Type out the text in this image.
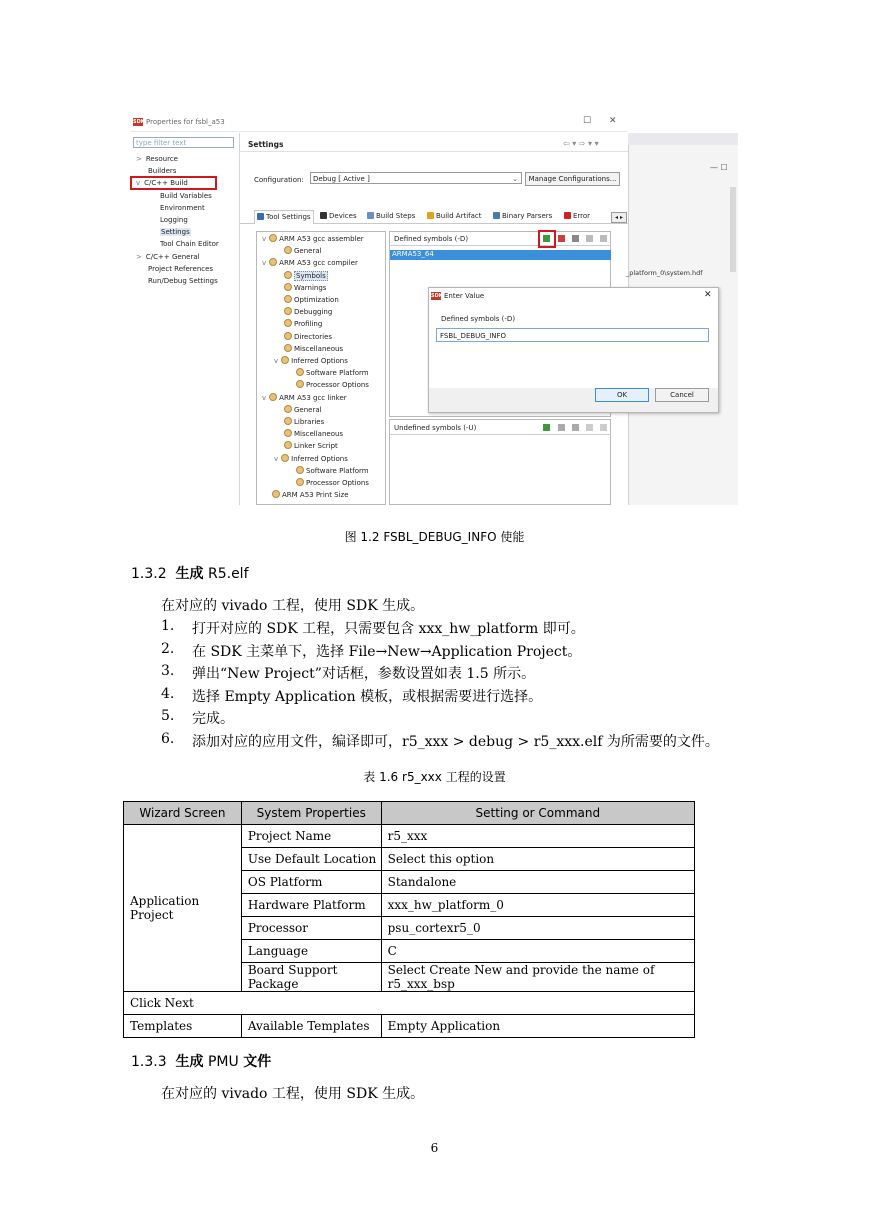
SDK Properties for fsbl_a53	☐ ✕
type filter text	Settings	⇦ ▾ ⇨ ▾ ▾
— ☐
_platform_0\system.hdf
Configuration:	Debug [ Active ]	⌄	Manage Configurations...
◂ ▸
Defined symbols (-D)
ARMA53_64
Undefined symbols (-U)
SDK Enter Value	✕
Defined symbols (-D)
FSBL_DEBUG_INFO
OK	Cancel
> Resource
Builders
v C/C++ Build
Build Variables
Environment
Logging
Settings
Tool Chain Editor
> C/C++ General
Project References
Run/Debug Settings
Tool Settings	Devices	Build Steps	Build Artifact	Binary Parsers	Error
v ARM A53 gcc assembler
General
v ARM A53 gcc compiler
Symbols
Warnings
Optimization
Debugging
Profiling
Directories
Miscellaneous
v Inferred Options
Software Platform
Processor Options
v ARM A53 gcc linker
General
Libraries
Miscellaneous
Linker Script
v Inferred Options
Software Platform
Processor Options
ARM A53 Print Size
图 1.2 FSBL_DEBUG_INFO 使能
1.3.2 生成 R5.elf
在对应的 vivado 工程，使用 SDK 生成。
1. 打开对应的 SDK 工程，只需要包含 xxx_hw_platform 即可。
2. 在 SDK 主菜单下，选择 File→New→Application Project。
3. 弹出“New Project”对话框，参数设置如表 1.5 所示。
4. 选择 Empty Application 模板，或根据需要进行选择。
5. 完成。
6. 添加对应的应用文件，编译即可，r5_xxx > debug > r5_xxx.elf 为所需要的文件。
表 1.6 r5_xxx 工程的设置
Wizard Screen	System Properties	Setting or Command
Application Project	Project Name	r5_xxx
	Use Default Location	Select this option
	OS Platform	Standalone
	Hardware Platform	xxx_hw_platform_0
	Processor	psu_cortexr5_0
	Language	C
	Board Support Package	Select Create New and provide the name of r5_xxx_bsp
Click Next		
Templates	Available Templates	Empty Application
1.3.3 生成 PMU 文件
在对应的 vivado 工程，使用 SDK 生成。
6
